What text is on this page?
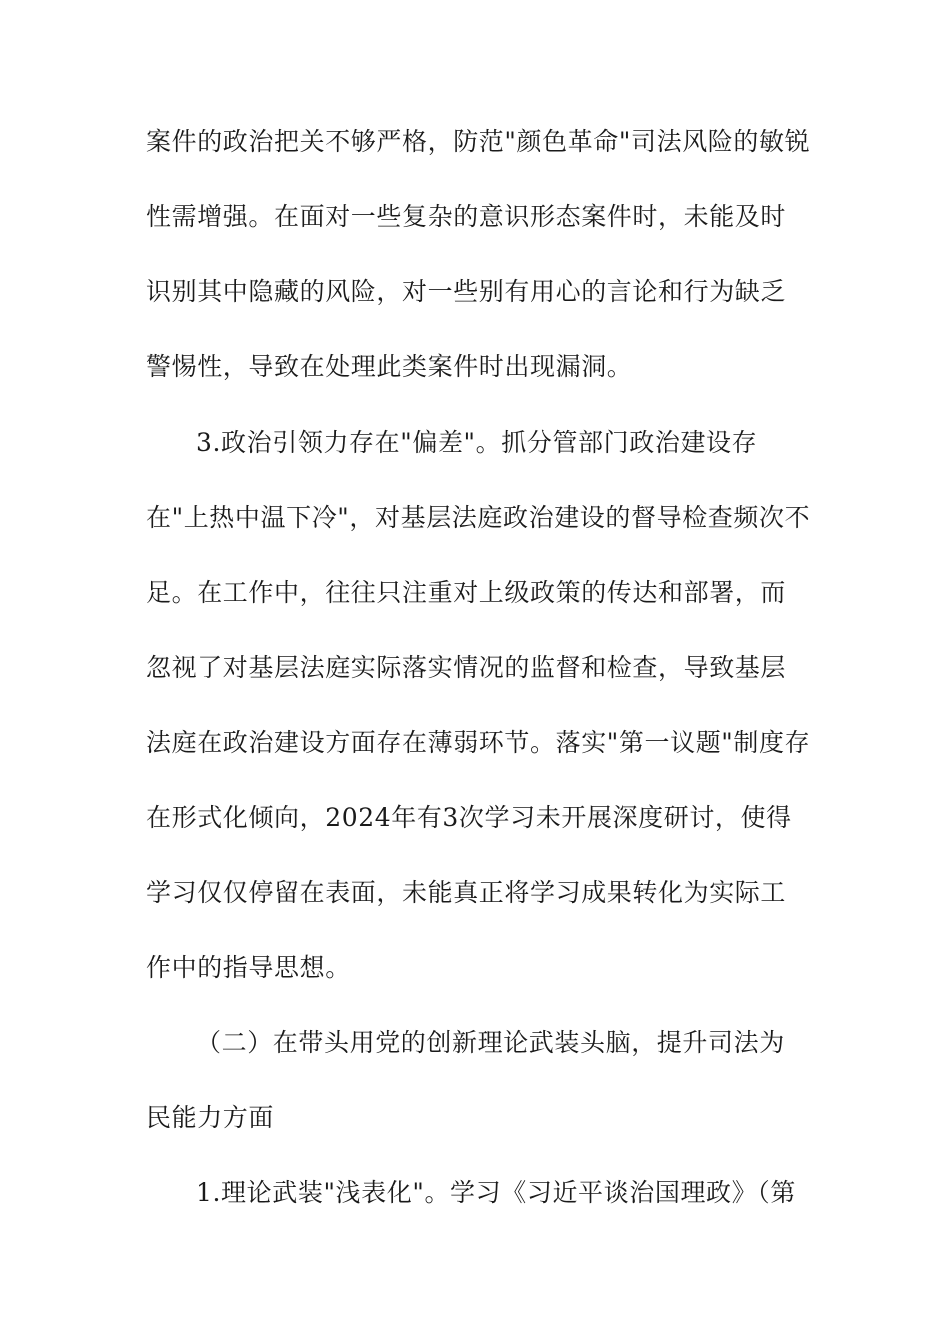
案件的政治把关不够严格，防范"颜色革命"司法风险的敏锐
性需增强。在面对一些复杂的意识形态案件时，未能及时
识别其中隐藏的风险，对一些别有用心的言论和行为缺乏
警惕性，导致在处理此类案件时出现漏洞。
3.政治引领力存在"偏差"。抓分管部门政治建设存
在"上热中温下冷"，对基层法庭政治建设的督导检查频次不
足。在工作中，往往只注重对上级政策的传达和部署，而
忽视了对基层法庭实际落实情况的监督和检查，导致基层
法庭在政治建设方面存在薄弱环节。落实"第一议题"制度存
在形式化倾向，2024年有3次学习未开展深度研讨，使得
学习仅仅停留在表面，未能真正将学习成果转化为实际工
作中的指导思想。
（二）在带头用党的创新理论武装头脑，提升司法为
民能力方面
1.理论武装"浅表化"。学习《习近平谈治国理政》（第
